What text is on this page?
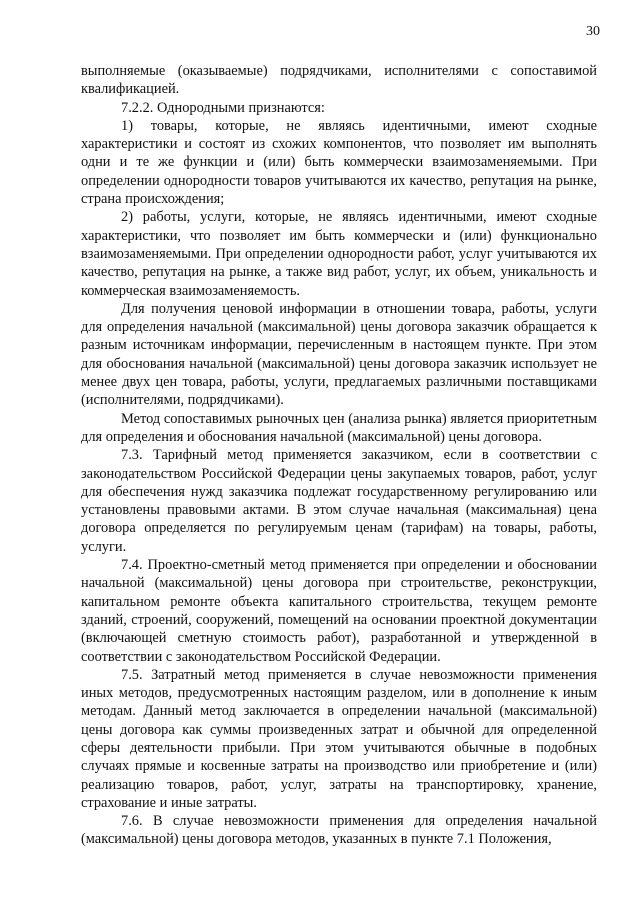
30

выполняемые (оказываемые) подрядчиками, исполнителями с сопоставимой квалификацией.

7.2.2. Однородными признаются:

1) товары, которые, не являясь идентичными, имеют сходные характеристики и состоят из схожих компонентов, что позволяет им выполнять одни и те же функции и (или) быть коммерчески взаимозаменяемыми. При определении однородности товаров учитываются их качество, репутация на рынке, страна происхождения;

2) работы, услуги, которые, не являясь идентичными, имеют сходные характеристики, что позволяет им быть коммерчески и (или) функционально взаимозаменяемыми. При определении однородности работ, услуг учитываются их качество, репутация на рынке, а также вид работ, услуг, их объем, уникальность и коммерческая взаимозаменяемость.

Для получения ценовой информации в отношении товара, работы, услуги для определения начальной (максимальной) цены договора заказчик обращается к разным источникам информации, перечисленным в настоящем пункте. При этом для обоснования начальной (максимальной) цены договора заказчик использует не менее двух цен товара, работы, услуги, предлагаемых различными поставщиками (исполнителями, подрядчиками).

Метод сопоставимых рыночных цен (анализа рынка) является приоритетным для определения и обоснования начальной (максимальной) цены договора.

7.3. Тарифный метод применяется заказчиком, если в соответствии с законодательством Российской Федерации цены закупаемых товаров, работ, услуг для обеспечения нужд заказчика подлежат государственному регулированию или установлены правовыми актами. В этом случае начальная (максимальная) цена договора определяется по регулируемым ценам (тарифам) на товары, работы, услуги.

7.4. Проектно-сметный метод применяется при определении и обосновании начальной (максимальной) цены договора при строительстве, реконструкции, капитальном ремонте объекта капитального строительства, текущем ремонте зданий, строений, сооружений, помещений на основании проектной документации (включающей сметную стоимость работ), разработанной и утвержденной в соответствии с законодательством Российской Федерации.

7.5. Затратный метод применяется в случае невозможности применения иных методов, предусмотренных настоящим разделом, или в дополнение к иным методам. Данный метод заключается в определении начальной (максимальной) цены договора как суммы произведенных затрат и обычной для определенной сферы деятельности прибыли. При этом учитываются обычные в подобных случаях прямые и косвенные затраты на производство или приобретение и (или) реализацию товаров, работ, услуг, затраты на транспортировку, хранение, страхование и иные затраты.

7.6. В случае невозможности применения для определения начальной (максимальной) цены договора методов, указанных в пункте 7.1 Положения,
